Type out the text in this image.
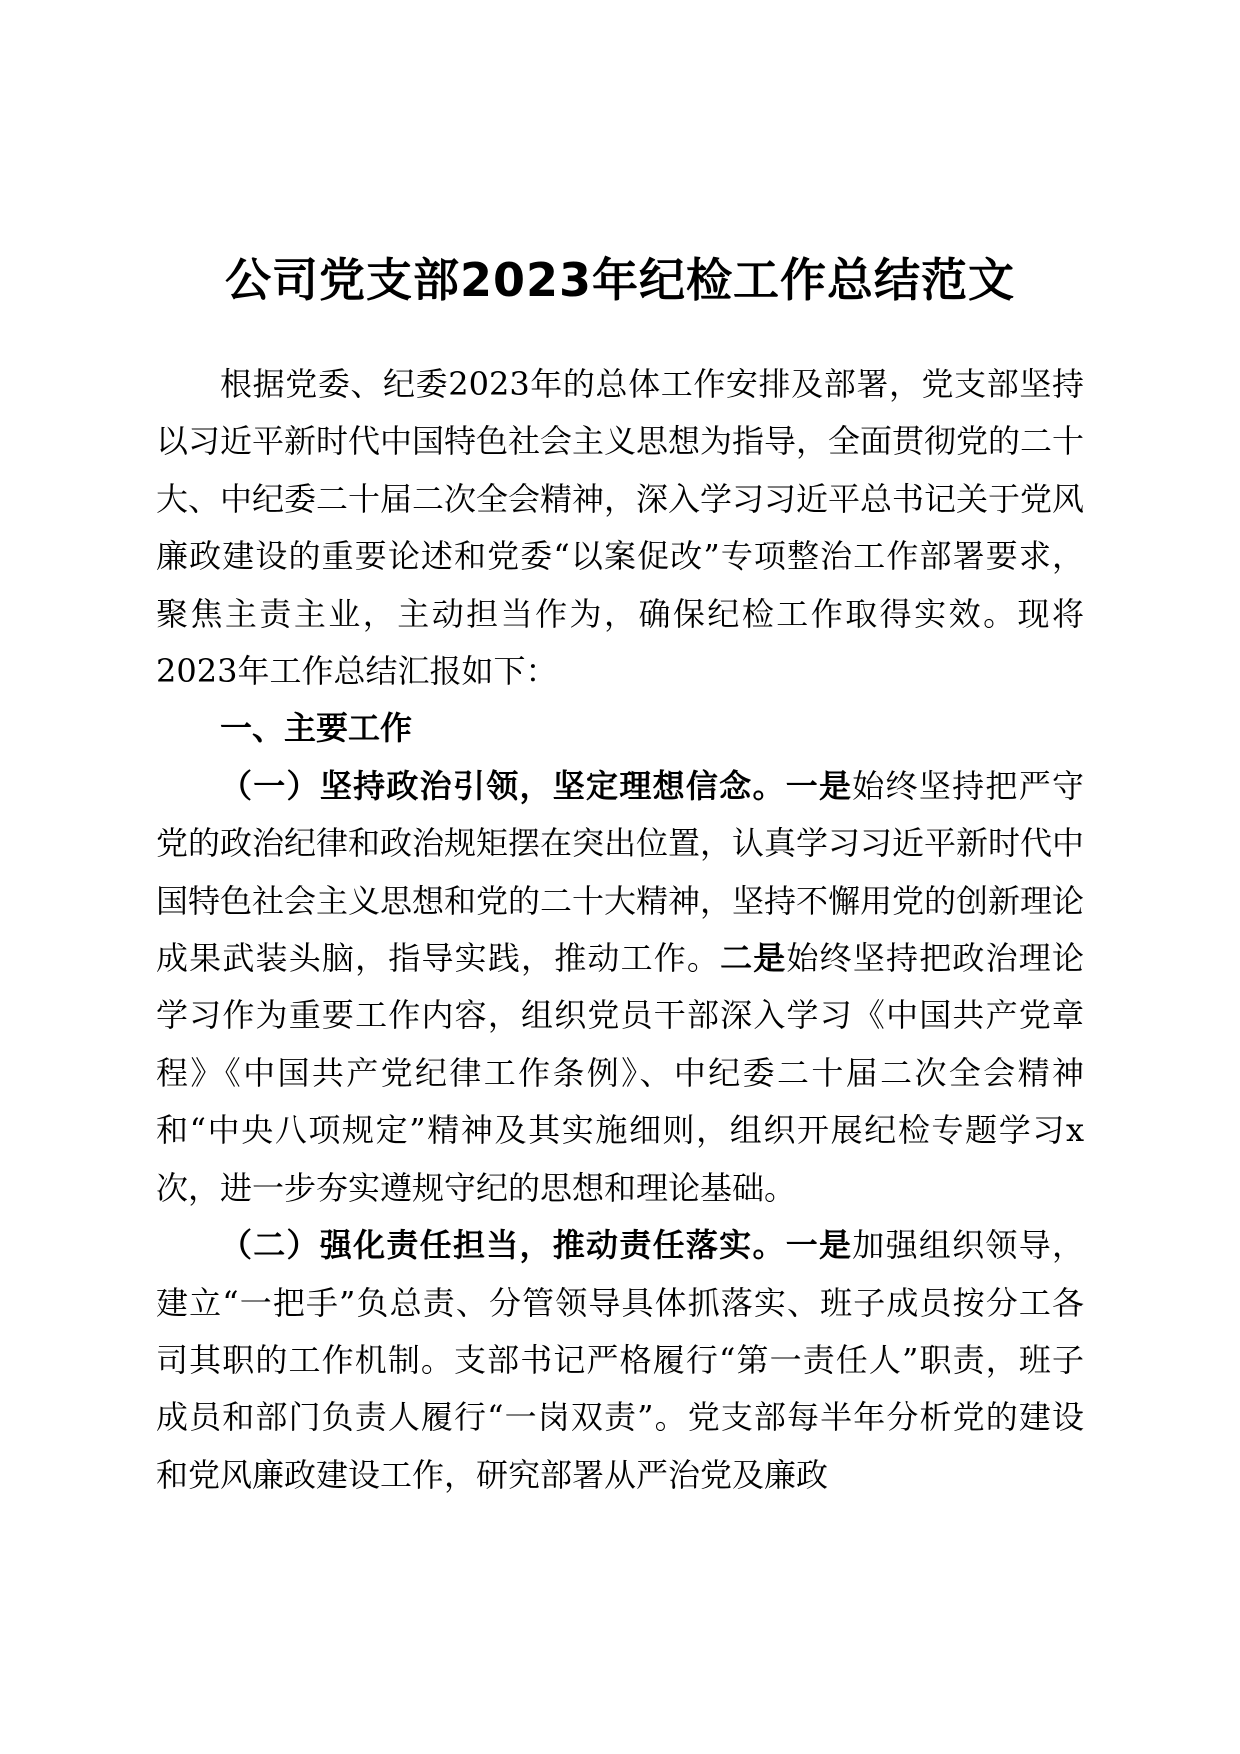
公司党支部2023年纪检工作总结范文

根据党委、纪委2023年的总体工作安排及部署，党支部坚持以习近平新时代中国特色社会主义思想为指导，全面贯彻党的二十大、中纪委二十届二次全会精神，深入学习习近平总书记关于党风廉政建设的重要论述和党委“以案促改”专项整治工作部署要求，聚焦主责主业，主动担当作为，确保纪检工作取得实效。现将2023年工作总结汇报如下：

一、主要工作

（一）坚持政治引领，坚定理想信念。一是始终坚持把严守党的政治纪律和政治规矩摆在突出位置，认真学习习近平新时代中国特色社会主义思想和党的二十大精神，坚持不懈用党的创新理论成果武装头脑，指导实践，推动工作。二是始终坚持把政治理论学习作为重要工作内容，组织党员干部深入学习《中国共产党章程》《中国共产党纪律工作条例》、中纪委二十届二次全会精神和“中央八项规定”精神及其实施细则，组织开展纪检专题学习x次，进一步夯实遵规守纪的思想和理论基础。

（二）强化责任担当，推动责任落实。一是加强组织领导，建立“一把手”负总责、分管领导具体抓落实、班子成员按分工各司其职的工作机制。支部书记严格履行“第一责任人”职责，班子成员和部门负责人履行“一岗双责”。党支部每半年分析党的建设和党风廉政建设工作，研究部署从严治党及廉政
